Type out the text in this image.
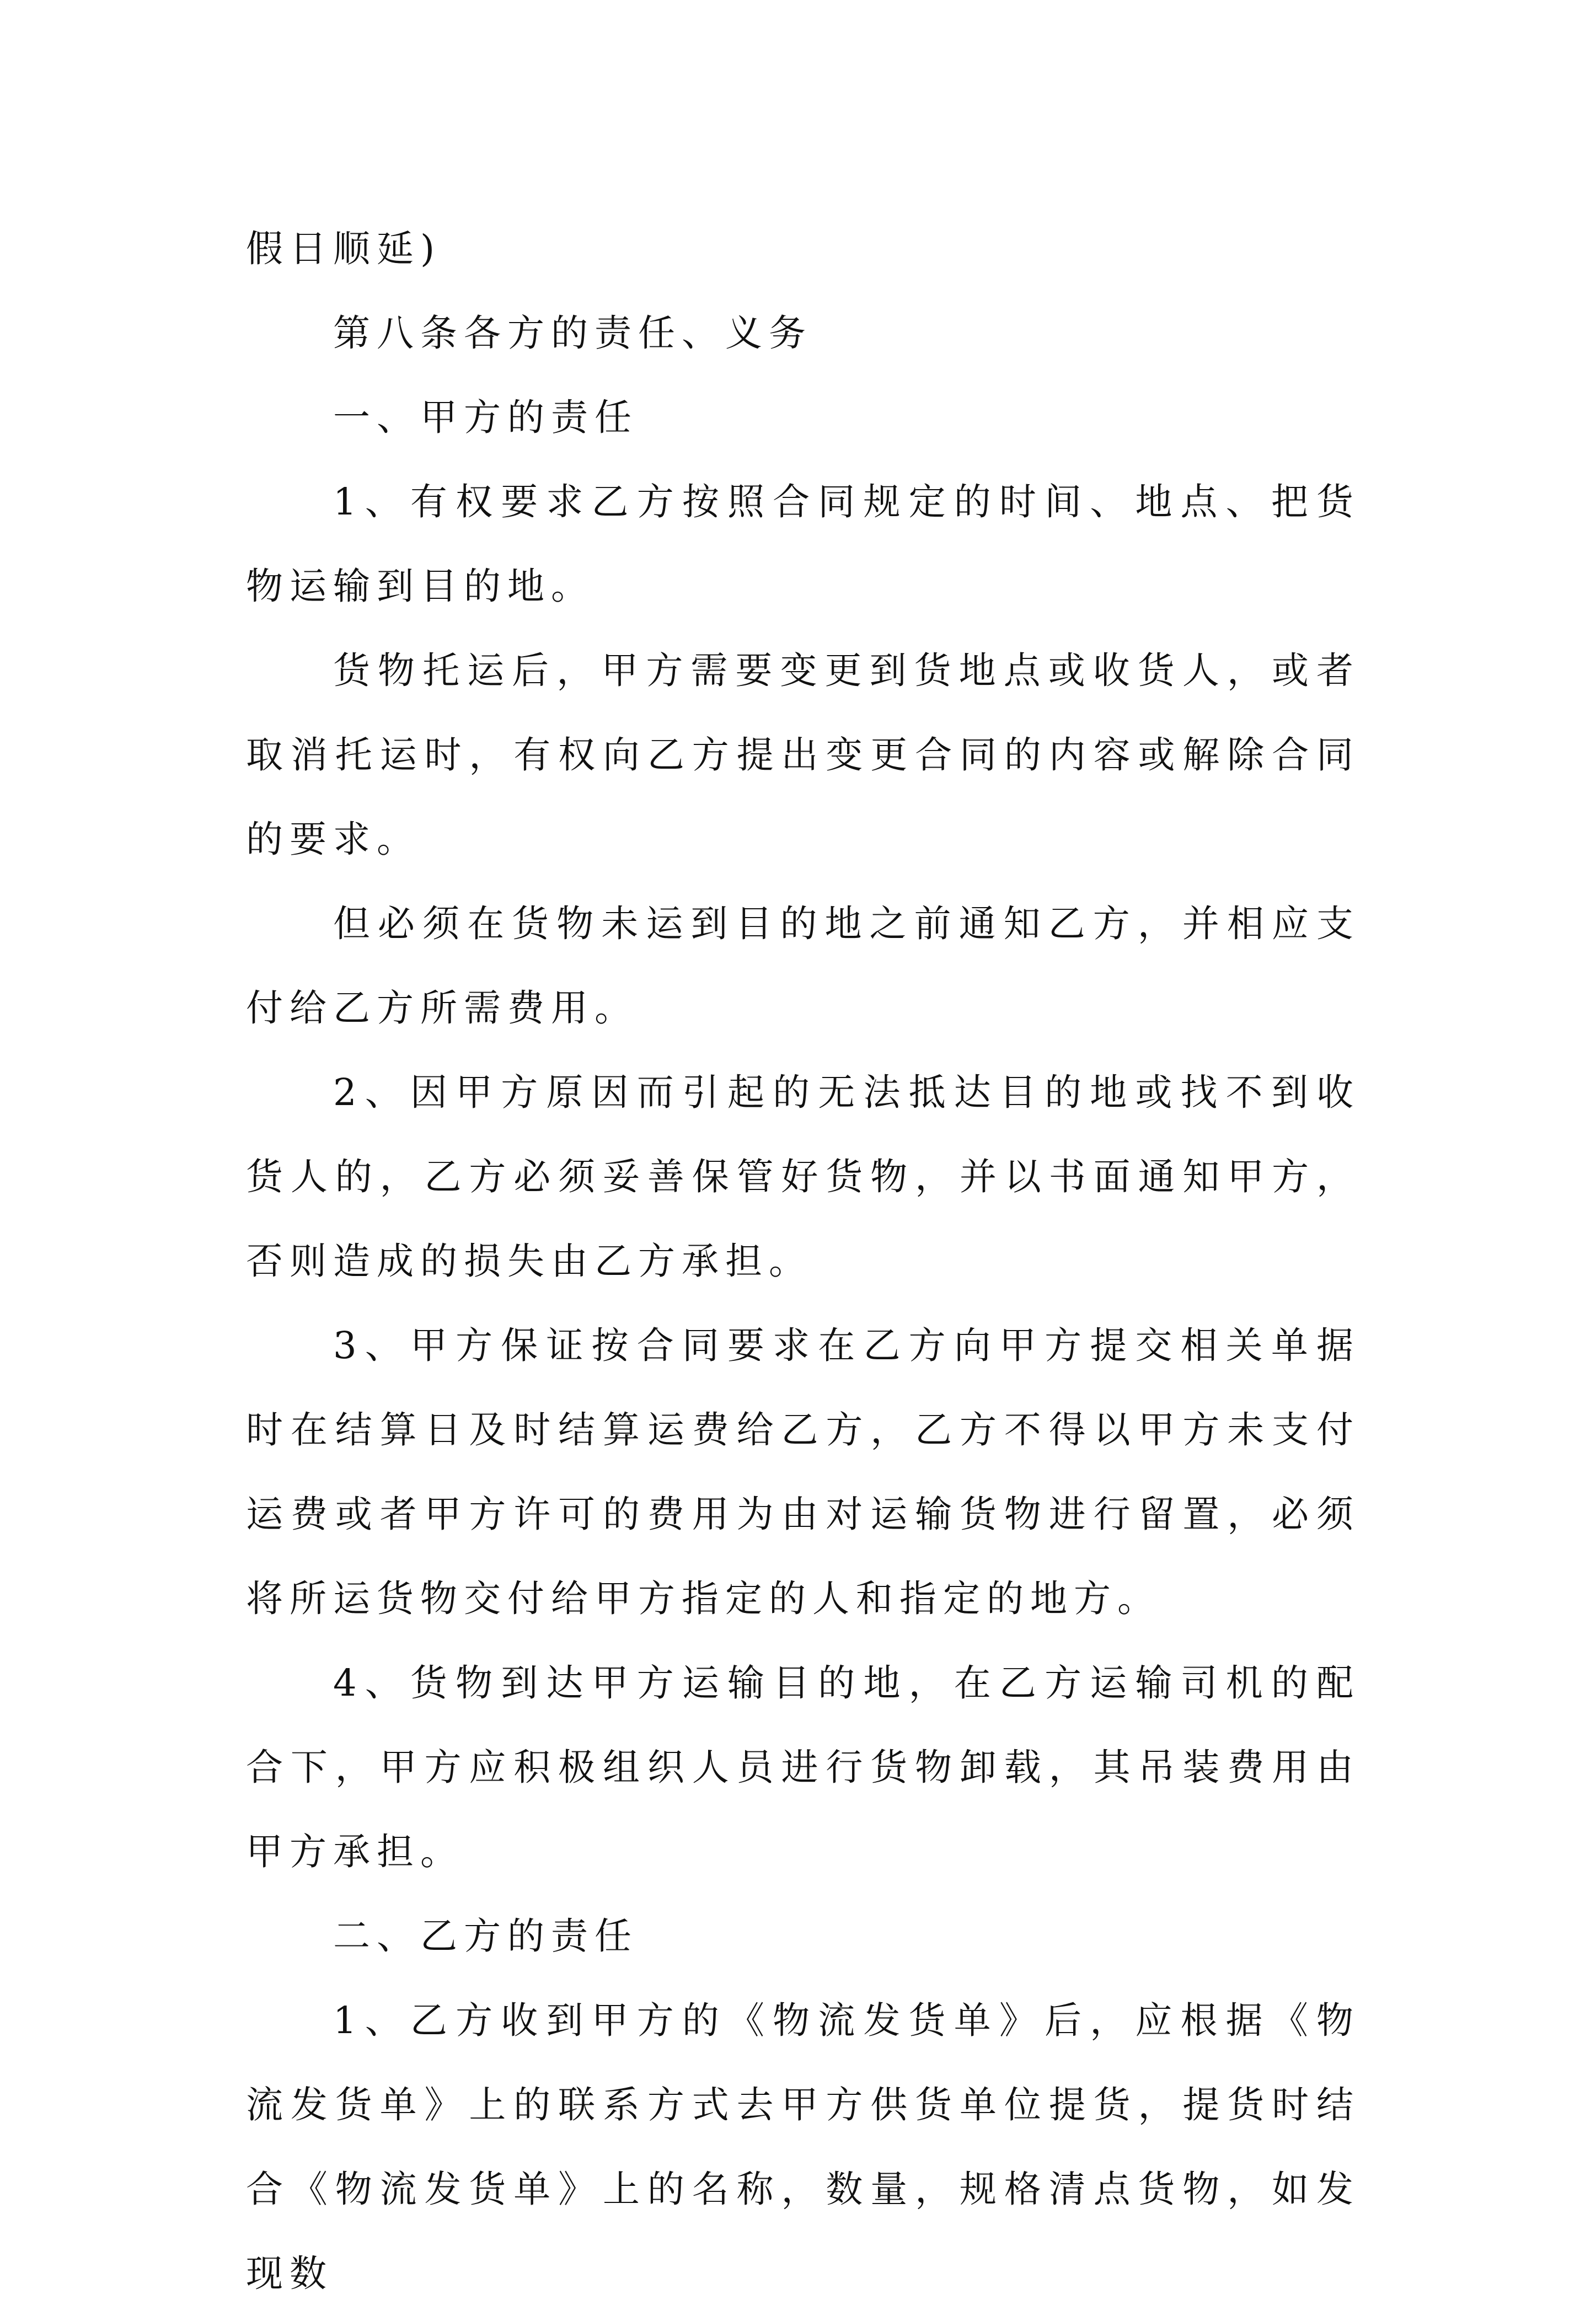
假日顺延)

第八条各方的责任、义务

一、甲方的责任

1、有权要求乙方按照合同规定的时间、地点、把货物运输到目的地。

货物托运后，甲方需要变更到货地点或收货人，或者取消托运时，有权向乙方提出变更合同的内容或解除合同的要求。

但必须在货物未运到目的地之前通知乙方，并相应支付给乙方所需费用。

2、因甲方原因而引起的无法抵达目的地或找不到收货人的，乙方必须妥善保管好货物，并以书面通知甲方，否则造成的损失由乙方承担。

3、甲方保证按合同要求在乙方向甲方提交相关单据时在结算日及时结算运费给乙方，乙方不得以甲方未支付运费或者甲方许可的费用为由对运输货物进行留置，必须将所运货物交付给甲方指定的人和指定的地方。

4、货物到达甲方运输目的地，在乙方运输司机的配合下，甲方应积极组织人员进行货物卸载，其吊装费用由甲方承担。

二、乙方的责任

1、乙方收到甲方的《物流发货单》后，应根据《物流发货单》上的联系方式去甲方供货单位提货，提货时结合《物流发货单》上的名称，数量，规格清点货物，如发现数
